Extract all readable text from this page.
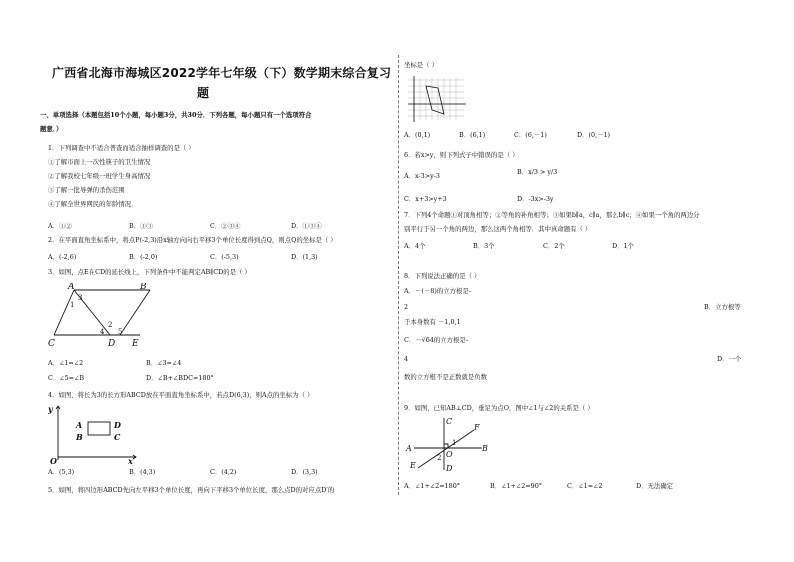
广西省北海市海城区2022学年七年级（下）数学期末综合复习
题
一、单项选择（本题包括10个小题，每小题3分，共30分．下列各题，每小题只有一个选项符合
题意．）
1．下列调查中不适合普查而适合抽样调查的是（ ）
①了解市面上一次性筷子的卫生情况
②了解我校七年级一班学生身高情况
③了解一批导弹的杀伤范围
④了解全世界网民的年龄情况．
A．①②	B．①③	C．②③④	D．①③④
2．在平面直角坐标系中，将点P(-2,3)沿x轴方向向右平移3个单位长度得到点Q，则点Q的坐标是（ ）
A．(-2,6)	B．(-2,0)	C．(-5,3)	D．(1,3)
3．如图，点E在CD的延长线上，下列条件中不能判定AB∥CD的是（ ）
A	B
C	D E
1
2
3
4 5
A．∠1=∠2	B．∠3=∠4
C．∠5=∠B	D．∠B+∠BDC=180°
4．如图，将长为3的长方形ABCD放在平面直角坐标系中，若点D(6,3)，则A点的坐标为（ ）
y
A
B
D
C
O	x
A．(5,3)	B．(4,3)	C．(4,2)	D．(3,3)
5．如图，将四边形ABCD先向左平移3个单位长度，再向下平移3个单位长度，那么点D的对应点D′的
坐标是（ ）
A．(0,1)	B．(6,1)	C．(6,－1)	D．(0,－1)
6．若x>y，则下列式子中错误的是（ ）
A．x-3>y-3	B．x/3 > y/3
C．x+3>y+3	D．-3x>-3y
7．下列4个命题①对顶角相等；②等角的补角相等；③如果b∥a，c∥a，那么b∥c；④如果一个角的两边分
别平行于另一个角的两边，那么这两个角相等．其中真命题有（ ）
A．4个	B．3个	C．2个	D．1个
8．下列说法正确的是（ ）
A．－(－8)的立方根是-
2	B．立方根等
于本身数有 －1,0,1
C．－√64的立方根是-
4	D．一个
数的立方根不是正数就是负数
9．如图，已知AB⊥CD，垂足为点O，图中∠1与∠2的关系是（ ）
C
F
A
O
B
E	D
1
2
A．∠1+∠2=180°	B．∠1+∠2=90°	C．∠1=∠2	D．无法确定
